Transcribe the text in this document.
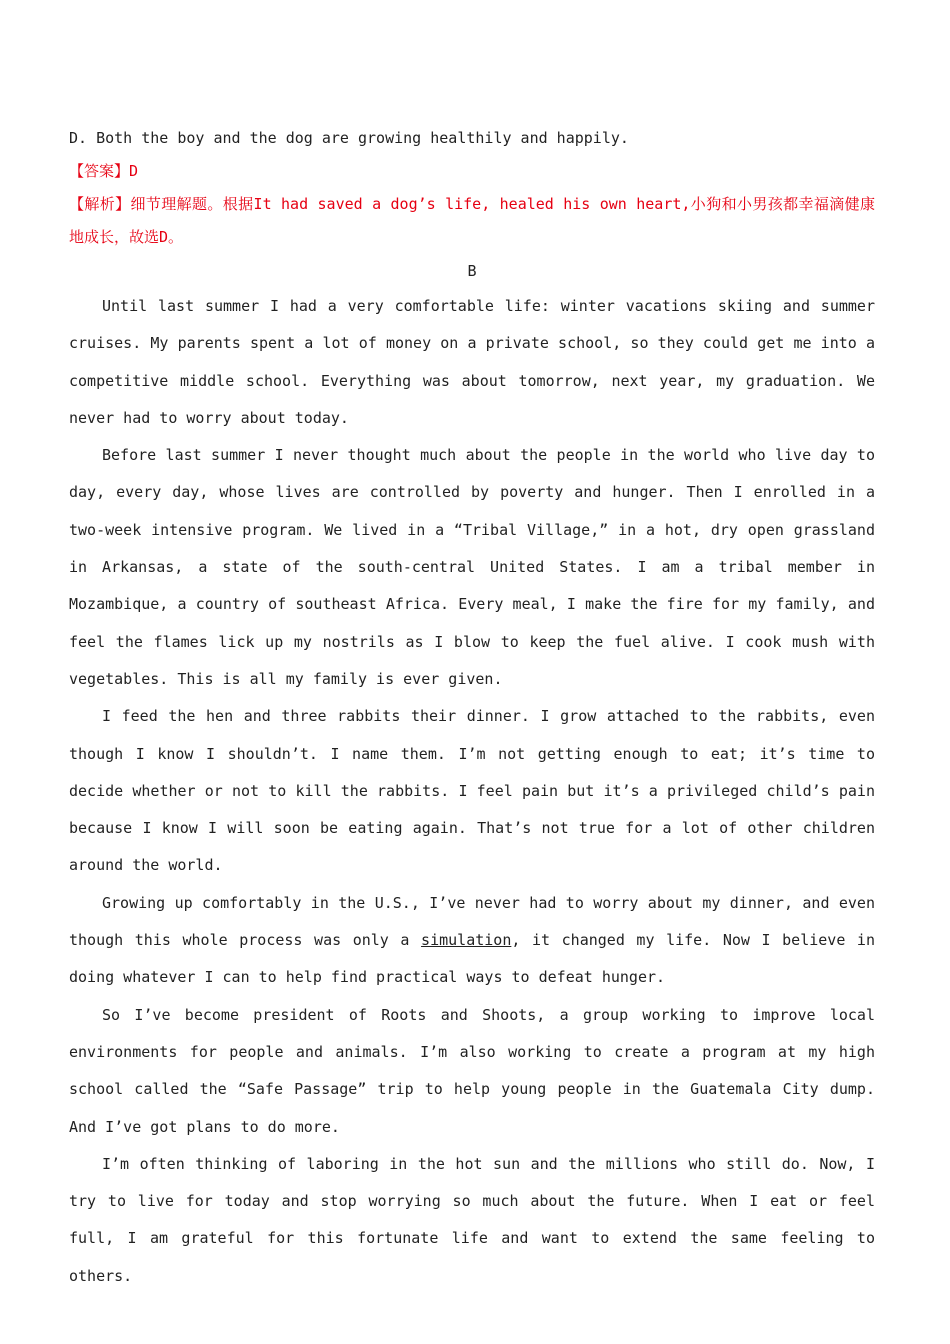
D. Both the boy and the dog are growing healthily and happily.

【答案】D

【解析】细节理解题。根据It had saved a dog’s life, healed his own heart,小狗和小男孩都幸福滴健康地成长，故选D。

B

Until last summer I had a very comfortable life: winter vacations skiing and summer cruises. My parents spent a lot of money on a private school, so they could get me into a competitive middle school. Everything was about tomorrow, next year, my graduation. We never had to worry about today.

Before last summer I never thought much about the people in the world who live day to day, every day, whose lives are controlled by poverty and hunger. Then I enrolled in a two-week intensive program. We lived in a “Tribal Village,” in a hot, dry open grassland in Arkansas, a state of the south-central United States. I am a tribal member in Mozambique, a country of southeast Africa. Every meal, I make the fire for my family, and feel the flames lick up my nostrils as I blow to keep the fuel alive. I cook mush with vegetables. This is all my family is ever given.

I feed the hen and three rabbits their dinner. I grow attached to the rabbits, even though I know I shouldn’t. I name them. I’m not getting enough to eat; it’s time to decide whether or not to kill the rabbits. I feel pain but it’s a privileged child’s pain because I know I will soon be eating again. That’s not true for a lot of other children around the world.

Growing up comfortably in the U.S., I’ve never had to worry about my dinner, and even though this whole process was only a simulation, it changed my life. Now I believe in doing whatever I can to help find practical ways to defeat hunger.

So I’ve become president of Roots and Shoots, a group working to improve local environments for people and animals. I’m also working to create a program at my high school called the “Safe Passage” trip to help young people in the Guatemala City dump. And I’ve got plans to do more.

I’m often thinking of laboring in the hot sun and the millions who still do. Now, I try to live for today and stop worrying so much about the future. When I eat or feel full, I am grateful for this fortunate life and want to extend the same feeling to others.
